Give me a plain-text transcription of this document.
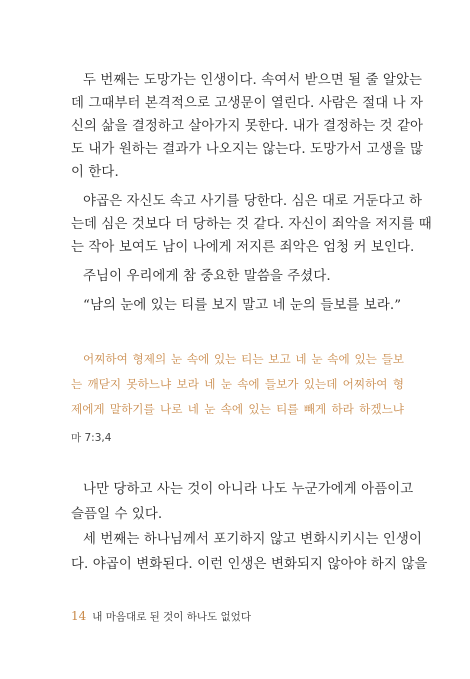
두 번째는 도망가는 인생이다. 속여서 받으면 될 줄 알았는
데 그때부터 본격적으로 고생문이 열린다. 사람은 절대 나 자
신의 삶을 결정하고 살아가지 못한다. 내가 결정하는 것 같아
도 내가 원하는 결과가 나오지는 않는다. 도망가서 고생을 많
이 한다.
야곱은 자신도 속고 사기를 당한다. 심은 대로 거둔다고 하
는데 심은 것보다 더 당하는 것 같다. 자신이 죄악을 저지를 때
는 작아 보여도 남이 나에게 저지른 죄악은 엄청 커 보인다.
주님이 우리에게 참 중요한 말씀을 주셨다.
“남의 눈에 있는 티를 보지 말고 네 눈의 들보를 보라.”
어찌하여 형제의 눈 속에 있는 티는 보고 네 눈 속에 있는 들보
는 깨닫지 못하느냐 보라 네 눈 속에 들보가 있는데 어찌하여 형
제에게 말하기를 나로 네 눈 속에 있는 티를 빼게 하라 하겠느냐
마 7:3,4
나만 당하고 사는 것이 아니라 나도 누군가에게 아픔이고
슬픔일 수 있다.
세 번째는 하나님께서 포기하지 않고 변화시키시는 인생이
다. 야곱이 변화된다. 이런 인생은 변화되지 않아야 하지 않을
14 내 마음대로 된 것이 하나도 없었다
